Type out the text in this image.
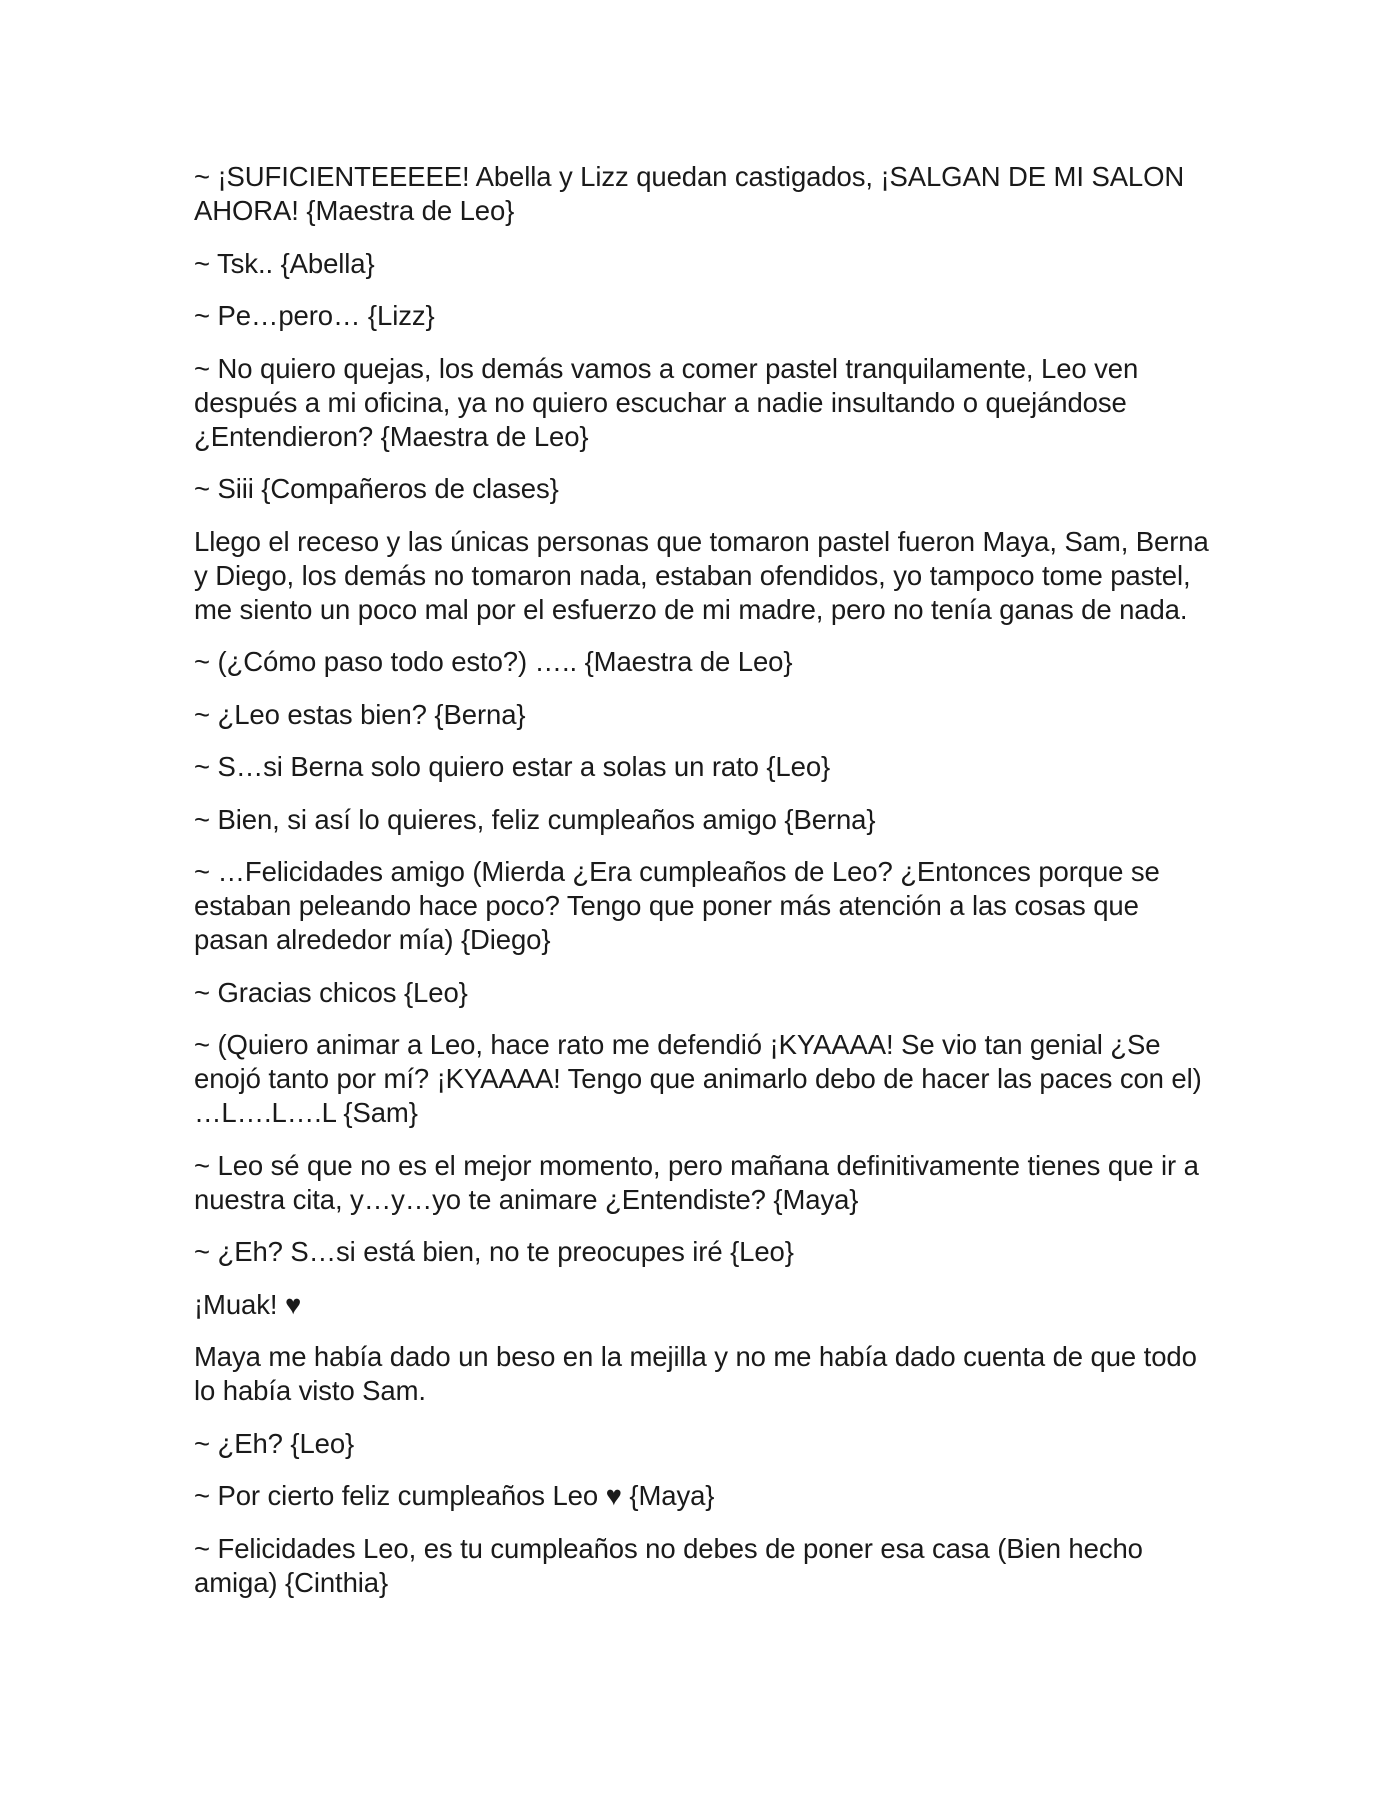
~ ¡SUFICIENTEEEEE! Abella y Lizz quedan castigados, ¡SALGAN DE MI SALON AHORA! {Maestra de Leo}

~ Tsk.. {Abella}

~ Pe…pero… {Lizz}

~ No quiero quejas, los demás vamos a comer pastel tranquilamente, Leo ven después a mi oficina, ya no quiero escuchar a nadie insultando o quejándose ¿Entendieron? {Maestra de Leo}

~ Siii {Compañeros de clases}

Llego el receso y las únicas personas que tomaron pastel fueron Maya, Sam, Berna y Diego, los demás no tomaron nada, estaban ofendidos, yo tampoco tome pastel, me siento un poco mal por el esfuerzo de mi madre, pero no tenía ganas de nada.

~ (¿Cómo paso todo esto?) ….. {Maestra de Leo}

~ ¿Leo estas bien? {Berna}

~ S…si Berna solo quiero estar a solas un rato {Leo}

~ Bien, si así lo quieres, feliz cumpleaños amigo {Berna}

~ …Felicidades amigo (Mierda ¿Era cumpleaños de Leo? ¿Entonces porque se estaban peleando hace poco? Tengo que poner más atención a las cosas que pasan alrededor mía) {Diego}

~ Gracias chicos {Leo}

~ (Quiero animar a Leo, hace rato me defendió ¡KYAAAA! Se vio tan genial ¿Se enojó tanto por mí? ¡KYAAAA! Tengo que animarlo debo de hacer las paces con el) …L….L….L {Sam}

~ Leo sé que no es el mejor momento, pero mañana definitivamente tienes que ir a nuestra cita, y…y…yo te animare ¿Entendiste? {Maya}

~ ¿Eh? S…si está bien, no te preocupes iré {Leo}

¡Muak! ♥

Maya me había dado un beso en la mejilla y no me había dado cuenta de que todo lo había visto Sam.

~ ¿Eh? {Leo}

~ Por cierto feliz cumpleaños Leo ♥ {Maya}

~ Felicidades Leo, es tu cumpleaños no debes de poner esa casa (Bien hecho amiga) {Cinthia}
